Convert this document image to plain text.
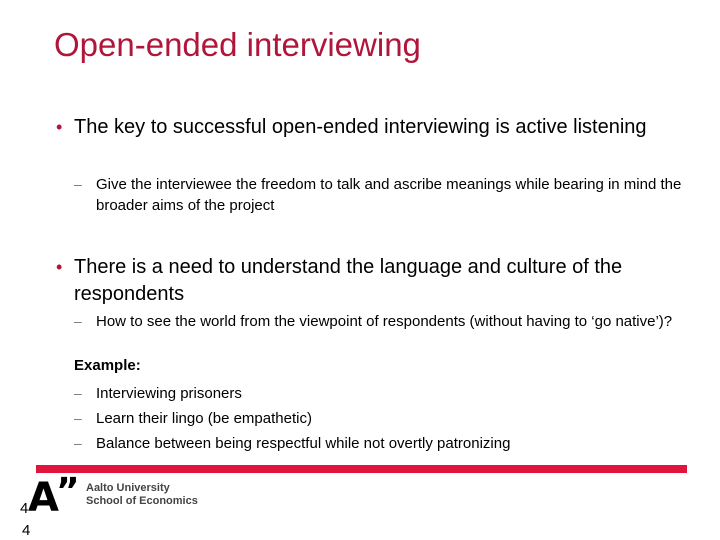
Open-ended interviewing
• The key to successful open-ended interviewing is active listening
– Give the interviewee the freedom to talk and ascribe meanings while bearing in mind the broader aims of the project
• There is a need to understand the language and culture of the respondents
– How to see the world from the viewpoint of respondents (without having to ‘go native’)?
Example:
– Interviewing prisoners
– Learn their lingo (be empathetic)
– Balance between being respectful while not overtly patronizing
A
” Aalto University
School of Economics
4
4
